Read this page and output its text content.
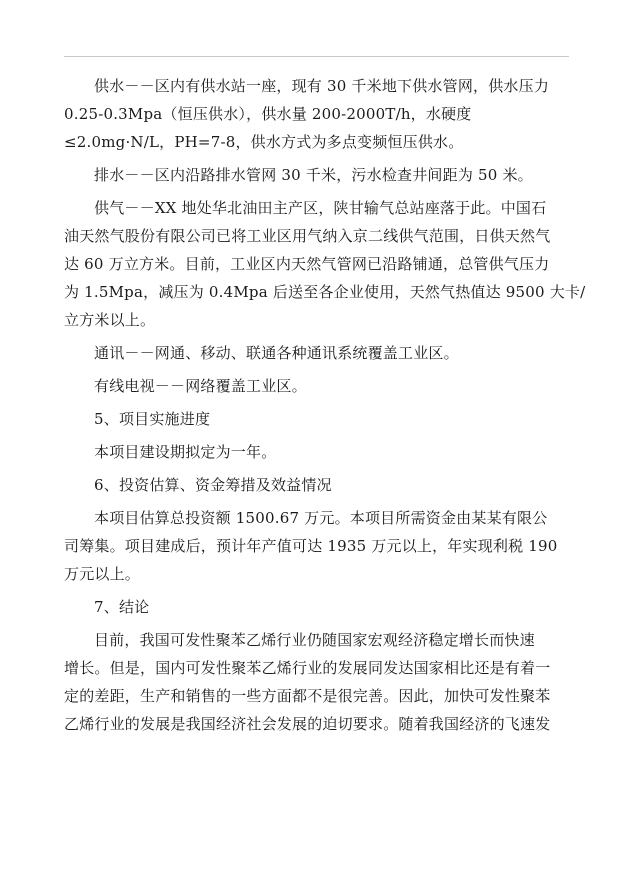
供水－－区内有供水站一座，现有 30 千米地下供水管网，供水压力
0.25-0.3Mpa（恒压供水），供水量 200-2000T/h，水硬度
≤2.0mg·N/L，PH=7-8，供水方式为多点变频恒压供水。

排水－－区内沿路排水管网 30 千米，污水检查井间距为 50 米。

供气－－XX 地处华北油田主产区，陕甘输气总站座落于此。中国石
油天然气股份有限公司已将工业区用气纳入京二线供气范围，日供天然气
达 60 万立方米。目前，工业区内天然气管网已沿路铺通，总管供气压力
为 1.5Mpa，减压为 0.4Mpa 后送至各企业使用，天然气热值达 9500 大卡/
立方米以上。

通讯－－网通、移动、联通各种通讯系统覆盖工业区。

有线电视－－网络覆盖工业区。

5、项目实施进度

本项目建设期拟定为一年。

6、投资估算、资金筹措及效益情况

本项目估算总投资额 1500.67 万元。本项目所需资金由某某有限公
司筹集。项目建成后，预计年产值可达 1935 万元以上，年实现利税 190
万元以上。

7、结论

目前，我国可发性聚苯乙烯行业仍随国家宏观经济稳定增长而快速
增长。但是，国内可发性聚苯乙烯行业的发展同发达国家相比还是有着一
定的差距，生产和销售的一些方面都不是很完善。因此，加快可发性聚苯
乙烯行业的发展是我国经济社会发展的迫切要求。随着我国经济的飞速发
